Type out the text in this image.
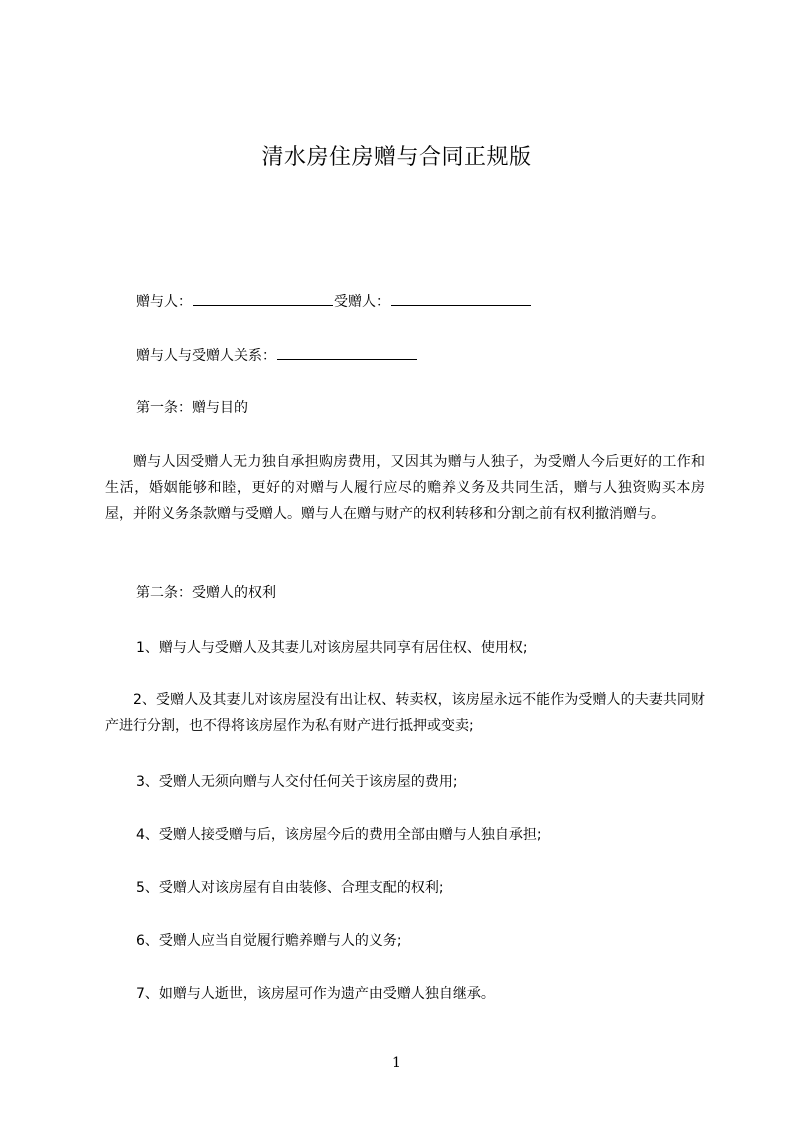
清水房住房赠与合同正规版
赠与人：	受赠人：
赠与人与受赠人关系：
第一条：赠与目的
赠与人因受赠人无力独自承担购房费用，又因其为赠与人独子，为受赠人今后更好的工作和生活，婚姻能够和睦，更好的对赠与人履行应尽的赡养义务及共同生活，赠与人独资购买本房屋，并附义务条款赠与受赠人。赠与人在赠与财产的权利转移和分割之前有权利撤消赠与。
第二条：受赠人的权利
1、赠与人与受赠人及其妻儿对该房屋共同享有居住权、使用权;
2、受赠人及其妻儿对该房屋没有出让权、转卖权，该房屋永远不能作为受赠人的夫妻共同财产进行分割，也不得将该房屋作为私有财产进行抵押或变卖;
3、受赠人无须向赠与人交付任何关于该房屋的费用;
4、受赠人接受赠与后，该房屋今后的费用全部由赠与人独自承担;
5、受赠人对该房屋有自由装修、合理支配的权利;
6、受赠人应当自觉履行赡养赠与人的义务;
7、如赠与人逝世，该房屋可作为遗产由受赠人独自继承。
1
